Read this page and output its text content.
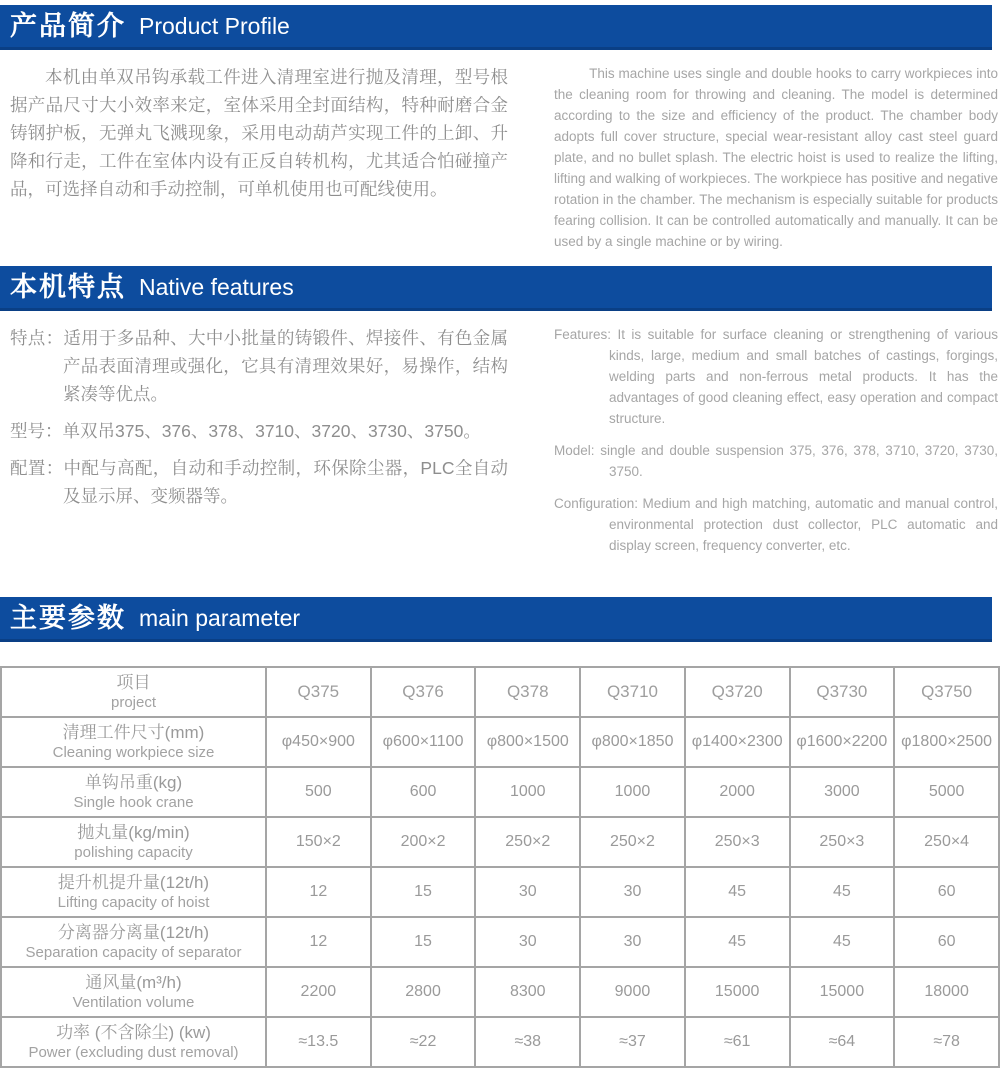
产品简介 Product Profile

本机由单双吊钩承载工件进入清理室进行抛及清理，型号根据产品尺寸大小效率来定，室体采用全封面结构，特种耐磨合金铸钢护板，无弹丸飞溅现象，采用电动葫芦实现工件的上卸、升降和行走，工件在室体内设有正反自转机构，尤其适合怕碰撞产品，可选择自动和手动控制，可单机使用也可配线使用。

This machine uses single and double hooks to carry workpieces into the cleaning room for throwing and cleaning. The model is determined according to the size and efficiency of the product. The chamber body adopts full cover structure, special wear-resistant alloy cast steel guard plate, and no bullet splash. The electric hoist is used to realize the lifting, lifting and walking of workpieces. The workpiece has positive and negative rotation in the chamber. The mechanism is especially suitable for products fearing collision. It can be controlled automatically and manually. It can be used by a single machine or by wiring.

本机特点 Native features

特点：适用于多品种、大中小批量的铸锻件、焊接件、有色金属产品表面清理或强化，它具有清理效果好，易操作，结构紧凑等优点。

型号：单双吊375、376、378、3710、3720、3730、3750。

配置：中配与高配，自动和手动控制，环保除尘器，PLC全自动及显示屏、变频器等。

Features: It is suitable for surface cleaning or strengthening of various kinds, large, medium and small batches of castings, forgings, welding parts and non-ferrous metal products. It has the advantages of good cleaning effect, easy operation and compact structure.

Model: single and double suspension 375, 376, 378, 3710, 3720, 3730, 3750.

Configuration: Medium and high matching, automatic and manual control, environmental protection dust collector, PLC automatic and display screen, frequency converter, etc.

主要参数 main parameter
项目
project	Q375	Q376	Q378	Q3710	Q3720	Q3730	Q3750

清理工件尺寸(mm)
Cleaning workpiece size	φ450×900	φ600×1100	φ800×1500	φ800×1850	φ1400×2300	φ1600×2200	φ1800×2500

单钩吊重(kg)
Single hook crane	500	600	1000	1000	2000	3000	5000

抛丸量(kg/min)
polishing capacity	150×2	200×2	250×2	250×2	250×3	250×3	250×4

提升机提升量(12t/h)
Lifting capacity of hoist	12	15	30	30	45	45	60

分离器分离量(12t/h)
Separation capacity of separator	12	15	30	30	45	45	60

通风量(m³/h)
Ventilation volume	2200	2800	8300	9000	15000	15000	18000

功率 (不含除尘) (kw)
Power (excluding dust removal)	≈13.5	≈22	≈38	≈37	≈61	≈64	≈78
